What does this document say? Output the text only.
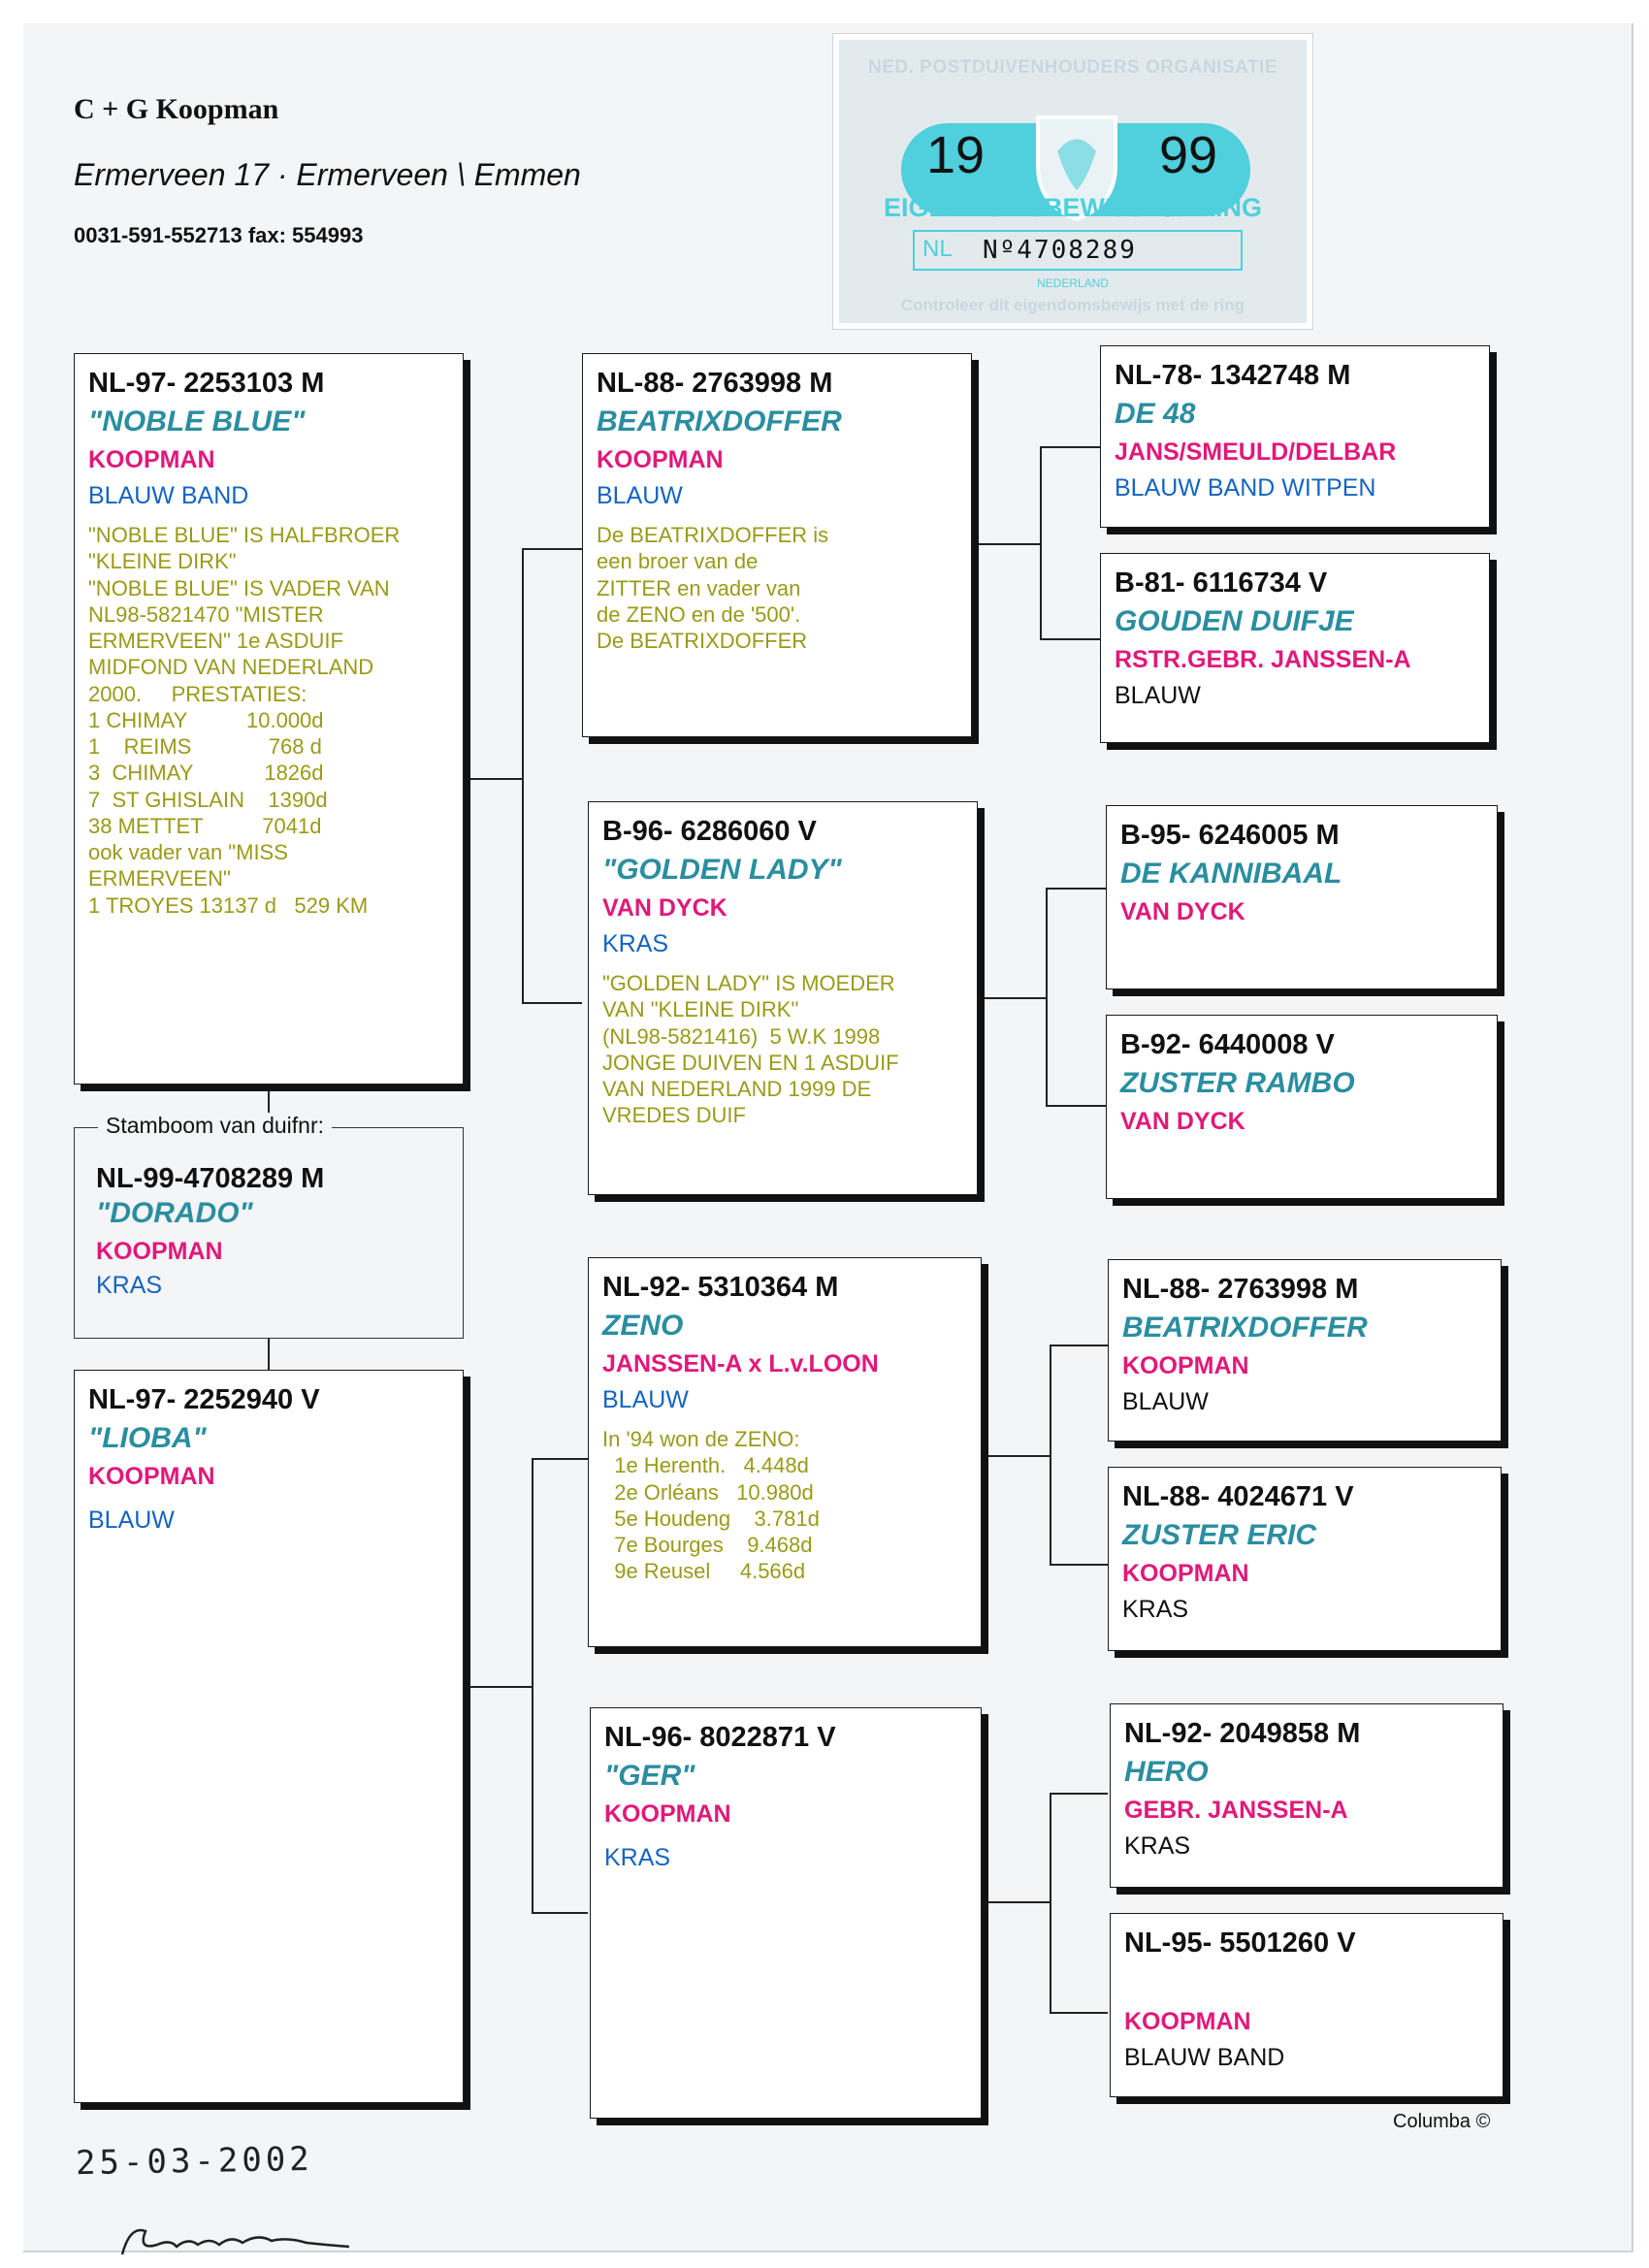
C + G Koopman
Ermerveen 17 · Ermerveen \ Emmen
0031-591-552713 fax: 554993
NED. POSTDUIVENHOUDERS ORGANISATIE
19	99
EIGENDOMSBEWIJS v/d RING
NL Nº4708289
NEDERLAND
Controleer dit eigendomsbewijs met de ring
NL-97- 2253103 M
"NOBLE BLUE"
KOOPMAN
BLAUW BAND
"NOBLE BLUE" IS HALFBROER
"KLEINE DIRK"
"NOBLE BLUE" IS VADER VAN
NL98-5821470 "MISTER
ERMERVEEN" 1e ASDUIF
MIDFOND VAN NEDERLAND
2000.     PRESTATIES:
1 CHIMAY          10.000d
1    REIMS             768 d
3  CHIMAY            1826d
7  ST GHISLAIN    1390d
38 METTET          7041d
ook vader van "MISS
ERMERVEEN"
1 TROYES 13137 d   529 KM
Stamboom van duifnr:
NL-99-4708289 M
"DORADO"
KOOPMAN
KRAS
NL-97- 2252940 V
"LIOBA"
KOOPMAN
BLAUW
NL-88- 2763998 M
BEATRIXDOFFER
KOOPMAN
BLAUW
De BEATRIXDOFFER is
een broer van de
ZITTER en vader van
de ZENO en de '500'.
De BEATRIXDOFFER
B-96- 6286060 V
"GOLDEN LADY"
VAN DYCK
KRAS
"GOLDEN LADY" IS MOEDER
VAN "KLEINE DIRK"
(NL98-5821416)  5 W.K 1998
JONGE DUIVEN EN 1 ASDUIF
VAN NEDERLAND 1999 DE
VREDES DUIF
NL-92- 5310364 M
ZENO
JANSSEN-A x L.v.LOON
BLAUW
In '94 won de ZENO:
1e Herenth.   4.448d
2e Orléans   10.980d
5e Houdeng    3.781d
7e Bourges    9.468d
9e Reusel     4.566d
NL-96- 8022871 V
"GER"
KOOPMAN
KRAS
NL-78- 1342748 M
DE 48
JANS/SMEULD/DELBAR
BLAUW BAND WITPEN
B-81- 6116734 V
GOUDEN DUIFJE
RSTR.GEBR. JANSSEN-A
BLAUW
B-95- 6246005 M
DE KANNIBAAL
VAN DYCK
B-92- 6440008 V
ZUSTER RAMBO
VAN DYCK
NL-88- 2763998 M
BEATRIXDOFFER
KOOPMAN
BLAUW
NL-88- 4024671 V
ZUSTER ERIC
KOOPMAN
KRAS
NL-92- 2049858 M
HERO
GEBR. JANSSEN-A
KRAS
NL-95- 5501260 V
KOOPMAN
BLAUW BAND
Columba ©
25-03-2002
